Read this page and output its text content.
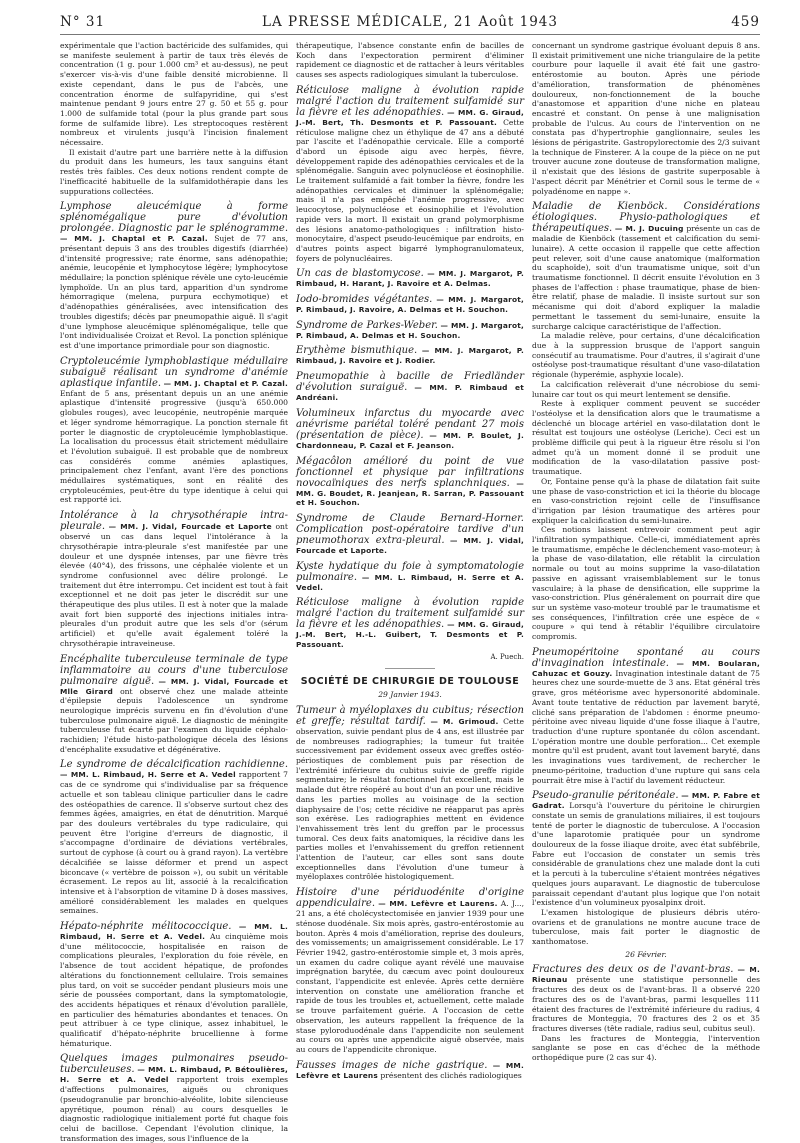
N° 31	LA PRESSE MÉDICALE, 21 Août 1943	459

expérimentale que l'action bactéricide des sulfamides, qui se manifeste seulement à partir de taux très élevés de concentration (1 g. pour 1.000 cm³ et au-dessus), ne peut s'exercer vis-à-vis d'une faible densité microbienne. Il existe cependant, dans le pus de l'abcès, une concentration énorme de sulfapyridine, qui s'est maintenue pendant 9 jours entre 27 g. 50 et 55 g. pour 1.000 de sulfamide total (pour la plus grande part sous forme de sulfamide libre). Les streptocoques restèrent nombreux et virulents jusqu'à l'incision finalement nécessaire.

Il existait d'autre part une barrière nette à la diffusion du produit dans les humeurs, les taux sanguins étant restés très faibles. Ces deux notions rendent compte de l'inefficacité habituelle de la sulfamidothérapie dans les suppurations collectées.

Lymphose aleucémique à forme splénomégalique pure d'évolution prolongée. Diagnostic par le splénogramme. — MM. J. Chaptal et P. Cazal. Sujet de 77 ans, présentant depuis 3 ans des troubles digestifs (diarrhée) d'intensité progressive; rate énorme, sans adénopathie; anémie, leucopénie et lymphocytose légère; lymphocytose médullaire; la ponction splénique révèle une cyto-leucémie lymphoïde. Un an plus tard, apparition d'un syndrome hémorragique (melena, purpura ecchymotique) et d'adénopathies généralisées, avec intensification des troubles digestifs; décès par pneumopathie aiguë. Il s'agit d'une lymphose aleucémique splénomégalique, telle que l'ont individualisée Croizat et Revol. La ponction splénique est d'une importance primordiale pour son diagnostic.

Cryptoleucémie lymphoblastique médullaire subaiguë réalisant un syndrome d'anémie aplastique infantile. — MM. J. Chaptal et P. Cazal. Enfant de 5 ans, présentant depuis un an une anémie aplastique d'intensité progressive (jusqu'à 650.000 globules rouges), avec leucopénie, neutropénie marquée et léger syndrome hémorragique. La ponction sternale fit porter le diagnostic de cryptoleucémie lymphoblastique. La localisation du processus était strictement médullaire et l'évolution subaiguë. Il est probable que de nombreux cas considérés comme anémies aplastiques, principalement chez l'enfant, avant l'ère des ponctions médullaires systématiques, sont en réalité des cryptoleucémies, peut-être du type identique à celui qui est rapporté ici.

Intolérance à la chrysothérapie intra-pleurale. — MM. J. Vidal, Fourcade et Laporte ont observé un cas dans lequel l'intolérance à la chrysothérapie intra-pleurale s'est manifestée par une douleur et une dyspnée intenses, par une fièvre très élevée (40°4), des frissons, une céphalée violente et un syndrome confusionnel avec délire prolongé. Le traitement dut être interrompu. Cet incident est tout à fait exceptionnel et ne doit pas jeter le discrédit sur une thérapeutique des plus utiles. Il est à noter que la malade avait fort bien supporté des injections initiales intra-pleurales d'un produit autre que les sels d'or (sérum artificiel) et qu'elle avait également toléré la chrysothérapie intraveineuse.

Encéphalite tuberculeuse terminale de type inflammatoire au cours d'une tuberculose pulmonaire aiguë. — MM. J. Vidal, Fourcade et Mlle Girard ont observé chez une malade atteinte d'épilepsie depuis l'adolescence un syndrome neurologique imprécis survenu en fin d'évolution d'une tuberculose pulmonaire aiguë. Le diagnostic de méningite tuberculeuse fut écarté par l'examen du liquide céphalo-rachidien; l'étude histo-pathologique décela des lésions d'encéphalite exsudative et dégénérative.

Le syndrome de décalcification rachidienne. — MM. L. Rimbaud, H. Serre et A. Vedel rapportent 7 cas de ce syndrome qui s'individualise par sa fréquence actuelle et son tableau clinique particulier dans le cadre des ostéopathies de carence. Il s'observe surtout chez des femmes âgées, amaigries, en état de dénutrition. Marqué par des douleurs vertébrales du type radiculaire, qui peuvent être l'origine d'erreurs de diagnostic, il s'accompagne d'ordinaire de déviations vertébrales, surtout de cyphose (à court ou à grand rayon). La vertèbre décalcifiée se laisse déformer et prend un aspect biconcave (« vertèbre de poisson »), ou subit un véritable écrasement. Le repos au lit, associé à la recalcification intensive et à l'absorption de vitamine D à doses massives, amélioré considérablement les malades en quelques semaines.

Hépato-néphrite mélitococcique. — MM. L. Rimbaud, H. Serre et A. Vedel. Au cinquième mois d'une mélitococcie, hospitalisée en raison de complications pleurales, l'exploration du foie révèle, en l'absence de tout accident hépatique, de profondes altérations du fonctionnement cellulaire. Trois semaines plus tard, on voit se succéder pendant plusieurs mois une série de poussées comportant, dans la symptomatologie, des accidents hépatiques et rénaux d'évolution parallèle, en particulier des hématuries abondantes et tenaces. On peut attribuer à ce type clinique, assez inhabituel, le qualificatif d'hépato-néphrite brucellienne à forme hématurique.

Quelques images pulmonaires pseudo-tuberculeuses. — MM. L. Rimbaud, P. Bétoulières, H. Serre et A. Vedel rapportent trois exemples d'affections pulmonaires, aiguës ou chroniques (pseudogranulie par bronchio-alvéolite, lobite silencieuse apyrétique, poumon rénal) au cours desquelles le diagnostic radiologique initialement porté fut chaque fois celui de bacillose. Cependant l'évolution clinique, la transformation des images, sous l'influence de la

thérapeutique, l'absence constante enfin de bacilles de Koch dans l'expectoration permirent d'éliminer rapidement ce diagnostic et de rattacher à leurs véritables causes ses aspects radiologiques simulant la tuberculose.

Réticulose maligne à évolution rapide malgré l'action du traitement sulfamidé sur la fièvre et les adénopathies. — MM. G. Giraud, J.-M. Bert, Th. Desmonts et P. Passouant. Cette réticulose maligne chez un éthylique de 47 ans a débuté par l'ascite et l'adénopathie cervicale. Elle a comporté d'abord un épisode aigu avec herpès, fièvre, développement rapide des adénopathies cervicales et de la splénomégalie. Sanguin avec polynucléose et éosinophilie. Le traitement sulfamidé a fait tomber la fièvre, fondre les adénopathies cervicales et diminuer la splénomégalie; mais il n'a pas empêché l'anémie progressive, avec leucocytose, polynucléose et éosinophilie et l'évolution rapide vers la mort. Il existait un grand polymorphisme des lésions anatomo-pathologiques : infiltration histo-monocytaire, d'aspect pseudo-leucémique par endroits, en d'autres points aspect bigarré lymphogranulomateux, foyers de polynucléaires.

Un cas de blastomycose. — MM. J. Margarot, P. Rimbaud, H. Harant, J. Ravoire et A. Delmas.

Iodo-bromides végétantes. — MM. J. Margarot, P. Rimbaud, J. Ravoire, A. Delmas et H. Souchon.

Syndrome de Parkes-Weber. — MM. J. Margarot, P. Rimbaud, A. Delmas et H. Souchon.

Erythème bismuthique. — MM. J. Margarot, P. Rimbaud, J. Ravoire et J. Rodier.

Pneumopathie à bacille de Friedländer d'évolution suraiguë. — MM. P. Rimbaud et Andréani.

Volumineux infarctus du myocarde avec anévrisme pariétal toléré pendant 27 mois (présentation de pièce). — MM. P. Boulet, J. Chardonneau, P. Cazal et F. Jeanson.

Mégacôlon amélioré du point de vue fonctionnel et physique par infiltrations novocaïniques des nerfs splanchniques. — MM. G. Boudet, R. Jeanjean, R. Sarran, P. Passouant et H. Souchon.

Syndrome de Claude Bernard-Horner. Complication post-opératoire tardive d'un pneumothorax extra-pleural. — MM. J. Vidal, Fourcade et Laporte.

Kyste hydatique du foie à symptomatologie pulmonaire. — MM. L. Rimbaud, H. Serre et A. Vedel.

Réticulose maligne à évolution rapide malgré l'action du traitement sulfamidé sur la fièvre et les adénopathies. — MM. G. Giraud, J.-M. Bert, H.-L. Guibert, T. Desmonts et P. Passouant.

A. Puech.
SOCIÉTÉ DE CHIRURGIE DE TOULOUSE
29 Janvier 1943.

Tumeur à myéloplaxes du cubitus; résection et greffe; résultat tardif. — M. Grimoud. Cette observation, suivie pendant plus de 4 ans, est illustrée par de nombreuses radiographies; la tumeur fut traitée successivement par évidement osseux avec greffes ostéo-périostiques de comblement puis par résection de l'extrémité inférieure du cubitus suivie de greffe rigide segmentaire; le résultat fonctionnel fut excellent, mais le malade dut être réopéré au bout d'un an pour une récidive dans les parties molles au voisinage de la section diaphysaire de l'os; cette récidive ne réapparut pas après son exérèse. Les radiographies mettent en évidence l'envahissement très lent du greffon par le processus tumoral. Ces deux faits anatomiques, la récidive dans les parties molles et l'envahissement du greffon retiennent l'attention de l'auteur, car elles sont sans doute exceptionnelles dans l'évolution d'une tumeur à myéloplaxes contrôlée histologiquement.

Histoire d'une périduodénite d'origine appendiculaire. — MM. Lefèvre et Laurens. A. J..., 21 ans, a été cholécystectomisée en janvier 1939 pour une sténose duodénale. Six mois après, gastro-entérostomie au bouton. Après 4 mois d'amélioration, reprise des douleurs, des vomissements; un amaigrissement considérable. Le 17 Février 1942, gastro-entérostomie simple et, 3 mois après, un examen du cadre colique ayant révélé une mauvaise imprégnation barytée, du cæcum avec point douloureux constant, l'appendicite est enlevée. Après cette dernière intervention on constate une amélioration franche et rapide de tous les troubles et, actuellement, cette malade se trouve parfaitement guérie. A l'occasion de cette observation, les auteurs rappellent la fréquence de la stase pyloroduodénale dans l'appendicite non seulement au cours ou après une appendicite aiguë observée, mais au cours de l'appendicite chronique.

Fausses images de niche gastrique. — MM. Lefèvre et Laurens présentent des clichés radiologiques

concernant un syndrome gastrique évoluant depuis 8 ans. Il existait primitivement une niche triangulaire de la petite courbure pour laquelle il avait été fait une gastro-entérostomie au bouton. Après une période d'amélioration, transformation de phénomènes douloureux, non-fonctionnement de la bouche d'anastomose et apparition d'une niche en plateau encastré et constant. On pense à une malignisation probable de l'ulcus. Au cours de l'intervention on ne constata pas d'hypertrophie ganglionnaire, seules les lésions de périgastrite. Gastropylorectomie des 2/3 suivant la technique de Finsterer. A la coupe de la pièce on ne put trouver aucune zone douteuse de transformation maligne, il n'existait que des lésions de gastrite superposable à l'aspect décrit par Ménétrier et Cornil sous le terme de « polyadénome en nappe ».

Maladie de Kienböck. Considérations étiologiques. Physio-pathologiques et thérapeutiques. — M. J. Ducuing présente un cas de maladie de Kienböck (tassement et calcification du semi-lunaire). A cette occasion il rappelle que cette affection peut relever, soit d'une cause anatomique (malformation du scaphoïde), soit d'un traumatisme unique, soit d'un traumatisme fonctionnel. Il décrit ensuite l'évolution en 3 phases de l'affection : phase traumatique, phase de bien-être relatif, phase de maladie. Il insiste surtout sur son mécanisme qui doit d'abord expliquer la maladie permettant le tassement du semi-lunaire, ensuite la surcharge calcique caractéristique de l'affection.

La maladie relève, pour certains, d'une décalcification due à la suppression brusque de l'apport sanguin consécutif au traumatisme. Pour d'autres, il s'agirait d'une ostéolyse post-traumatique résultant d'une vaso-dilatation régionale (hyperémie, asphyxie locale).

La calcification relèverait d'une nécrobiose du semi-lunaire car tout os qui meurt lentement se densifie.

Reste à expliquer comment peuvent se succéder l'ostéolyse et la densification alors que le traumatisme a déclenché un blocage artériel en vaso-dilatation dont le résultat est toujours une ostéolyse (Leriche). Ceci est un problème difficile qui peut à la rigueur être résolu si l'on admet qu'à un moment donné il se produit une modification de la vaso-dilatation passive post-traumatique.

Or, Fontaine pense qu'à la phase de dilatation fait suite une phase de vaso-constriction et ici la théorie du blocage en vaso-constriction rejoint celle de l'insuffisance d'irrigation par lésion traumatique des artères pour expliquer la calcification du semi-lunaire.

Ces notions laissent entrevoir comment peut agir l'infiltration sympathique. Celle-ci, immédiatement après le traumatisme, empêche le déclenchement vaso-moteur; à la phase de vaso-dilatation, elle rétablit la circulation normale ou tout au moins supprime la vaso-dilatation passive en agissant vraisemblablement sur le tonus vasculaire; à la phase de densification, elle supprime la vaso-constriction. Plus généralement on pourrait dire que sur un système vaso-moteur troublé par le traumatisme et ses conséquences, l'infiltration crée une espèce de « coupure » qui tend à rétablir l'équilibre circulatoire compromis.

Pneumopéritoine spontané au cours d'invagination intestinale. — MM. Boularan, Cahuzac et Gouzy. Invagination intestinale datant de 75 heures chez une sourde-muette de 3 ans. Etat général très grave, gros météorisme avec hypersonorité abdominale. Avant toute tentative de réduction par lavement baryté, cliché sans préparation de l'abdomen : énorme pneumo-péritoine avec niveau liquide d'une fosse iliaque à l'autre, traduction d'une rupture spontanée du côlon ascendant. L'opération montre une double perforation... Cet exemple montre qu'il est prudent, avant tout lavement baryté, dans les invaginations vues tardivement, de rechercher le pneumo-péritoine, traduction d'une rupture qui sans cela pourrait être mise à l'actif du lavement réducteur.

Pseudo-granulie péritonéale. — MM. P. Fabre et Gadrat. Lorsqu'à l'ouverture du péritoine le chirurgien constate un semis de granulations miliaires, il est toujours tenté de porter le diagnostic de tuberculose. A l'occasion d'une laparotomie pratiquée pour un syndrome douloureux de la fosse iliaque droite, avec état subfébrile, Fabre eut l'occasion de constater un semis très considérable de granulations chez une malade dont la cuti et la percuti à la tuberculine s'étaient montrées négatives quelques jours auparavant. Le diagnostic de tuberculose paraissait cependant d'autant plus logique que l'on notait l'existence d'un volumineux pyosalpinx droit.

L'examen histologique de plusieurs débris utéro-ovariens et de granulations ne montre aucune trace de tuberculose, mais fait porter le diagnostic de xanthomatose.

26 Février.

Fractures des deux os de l'avant-bras. — M. Rieunau présente une statistique personnelle des fractures des deux os de l'avant-bras. Il a observé 220 fractures des os de l'avant-bras, parmi lesquelles 111 étaient des fractures de l'extrémité inférieure du radius, 4 fractures de Monteggia, 70 fractures des 2 os et 35 fractures diverses (tête radiale, radius seul, cubitus seul).

Dans les fractures de Monteggia, l'intervention sanglante se pose en cas d'échec de la méthode orthopédique pure (2 cas sur 4).
